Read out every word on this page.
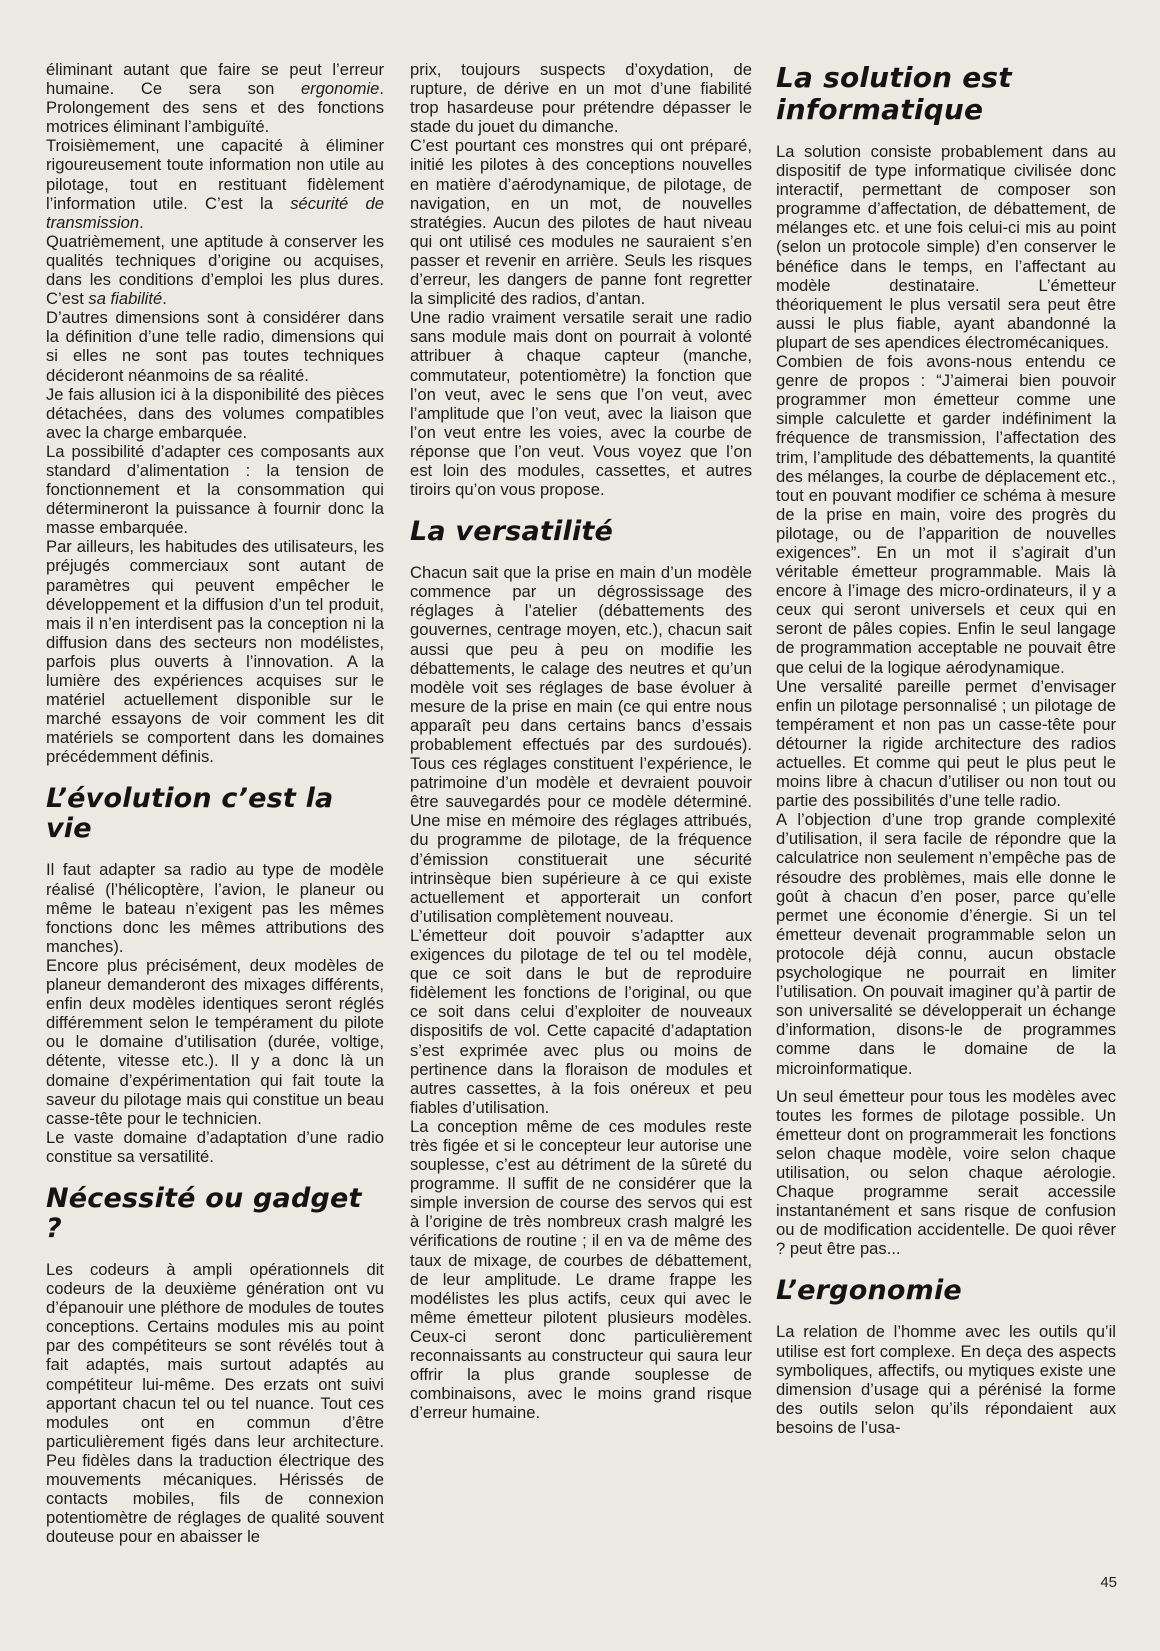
éliminant autant que faire se peut l’erreur humaine. Ce sera son ergonomie. Prolongement des sens et des fonctions motrices éliminant l’ambiguïté.

Troisièmement, une capacité à éliminer rigoureusement toute information non utile au pilotage, tout en restituant fidèlement l’information utile. C’est la sécurité de transmission.

Quatrièmement, une aptitude à conserver les qualités techniques d’origine ou acquises, dans les conditions d’emploi les plus dures. C’est sa fiabilité.

D’autres dimensions sont à considérer dans la définition d’une telle radio, dimensions qui si elles ne sont pas toutes techniques décideront néanmoins de sa réalité.

Je fais allusion ici à la disponibilité des pièces détachées, dans des volumes compatibles avec la charge embarquée.

La possibilité d’adapter ces composants aux standard d’alimentation : la tension de fonctionnement et la consommation qui détermineront la puissance à fournir donc la masse embarquée.

Par ailleurs, les habitudes des utilisateurs, les préjugés commerciaux sont autant de paramètres qui peuvent empêcher le développement et la diffusion d’un tel produit, mais il n’en interdisent pas la conception ni la diffusion dans des secteurs non modélistes, parfois plus ouverts à l’innovation. A la lumière des expériences acquises sur le matériel actuellement disponible sur le marché essayons de voir comment les dit matériels se comportent dans les domaines précédemment définis.

L’évolution c’est la vie

Il faut adapter sa radio au type de modèle réalisé (l’hélicoptère, l’avion, le planeur ou même le bateau n’exigent pas les mêmes fonctions donc les mêmes attributions des manches).

Encore plus précisément, deux modèles de planeur demanderont des mixages différents, enfin deux modèles identiques seront réglés différemment selon le tempérament du pilote ou le domaine d’utilisation (durée, voltige, détente, vitesse etc.). Il y a donc là un domaine d’expérimentation qui fait toute la saveur du pilotage mais qui constitue un beau casse-tête pour le technicien.

Le vaste domaine d’adaptation d’une radio constitue sa versatilité.

Nécessité ou gadget ?

Les codeurs à ampli opérationnels dit codeurs de la deuxième génération ont vu d’épanouir une pléthore de modules de toutes conceptions. Certains modules mis au point par des compétiteurs se sont révélés tout à fait adaptés, mais surtout adaptés au compétiteur lui-même. Des erzats ont suivi apportant chacun tel ou tel nuance. Tout ces modules ont en commun d’être particulièrement figés dans leur architecture. Peu fidèles dans la traduction électrique des mouvements mécaniques. Hérissés de contacts mobiles, fils de connexion potentiomètre de réglages de qualité souvent douteuse pour en abaisser le

prix, toujours suspects d’oxydation, de rupture, de dérive en un mot d’une fiabilité trop hasardeuse pour prétendre dépasser le stade du jouet du dimanche.

C’est pourtant ces monstres qui ont préparé, initié les pilotes à des conceptions nouvelles en matière d’aérodynamique, de pilotage, de navigation, en un mot, de nouvelles stratégies. Aucun des pilotes de haut niveau qui ont utilisé ces modules ne sauraient s’en passer et revenir en arrière. Seuls les risques d’erreur, les dangers de panne font regretter la simplicité des radios, d’antan.

Une radio vraiment versatile serait une radio sans module mais dont on pourrait à volonté attribuer à chaque capteur (manche, commutateur, potentiomètre) la fonction que l’on veut, avec le sens que l’on veut, avec l’amplitude que l’on veut, avec la liaison que l’on veut entre les voies, avec la courbe de réponse que l’on veut. Vous voyez que l’on est loin des modules, cassettes, et autres tiroirs qu’on vous propose.

La versatilité

Chacun sait que la prise en main d’un modèle commence par un dégrossissage des réglages à l’atelier (débattements des gouvernes, centrage moyen, etc.), chacun sait aussi que peu à peu on modifie les débattements, le calage des neutres et qu’un modèle voit ses réglages de base évoluer à mesure de la prise en main (ce qui entre nous apparaît peu dans certains bancs d’essais probablement effectués par des surdoués). Tous ces réglages constituent l’expérience, le patrimoine d’un modèle et devraient pouvoir être sauvegardés pour ce modèle déterminé. Une mise en mémoire des réglages attribués, du programme de pilotage, de la fréquence d’émission constituerait une sécurité intrinsèque bien supérieure à ce qui existe actuellement et apporterait un confort d’utilisation complètement nouveau.

L’émetteur doit pouvoir s’adaptter aux exigences du pilotage de tel ou tel modèle, que ce soit dans le but de reproduire fidèlement les fonctions de l’original, ou que ce soit dans celui d’exploiter de nouveaux dispositifs de vol. Cette capacité d’adaptation s’est exprimée avec plus ou moins de pertinence dans la floraison de modules et autres cassettes, à la fois onéreux et peu fiables d’utilisation.

La conception même de ces modules reste très figée et si le concepteur leur autorise une souplesse, c’est au détriment de la sûreté du programme. Il suffit de ne considérer que la simple inversion de course des servos qui est à l’origine de très nombreux crash malgré les vérifications de routine ; il en va de même des taux de mixage, de courbes de débattement, de leur amplitude. Le drame frappe les modélistes les plus actifs, ceux qui avec le même émetteur pilotent plusieurs modèles. Ceux-ci seront donc particulièrement reconnaissants au constructeur qui saura leur offrir la plus grande souplesse de combinaisons, avec le moins grand risque d’erreur humaine.

La solution est informatique

La solution consiste probablement dans au dispositif de type informatique civilisée donc interactif, permettant de composer son programme d’affectation, de débattement, de mélanges etc. et une fois celui-ci mis au point (selon un protocole simple) d’en conserver le bénéfice dans le temps, en l’affectant au modèle destinataire. L’émetteur théoriquement le plus versatil sera peut être aussi le plus fiable, ayant abandonné la plupart de ses apendices électromécaniques.

Combien de fois avons-nous entendu ce genre de propos : “J’aimerai bien pouvoir programmer mon émetteur comme une simple calculette et garder indéfiniment la fréquence de transmission, l’affectation des trim, l’amplitude des débattements, la quantité des mélanges, la courbe de déplacement etc., tout en pouvant modifier ce schéma à mesure de la prise en main, voire des progrès du pilotage, ou de l’apparition de nouvelles exigences”. En un mot il s’agirait d’un véritable émetteur programmable. Mais là encore à l’image des micro-ordinateurs, il y a ceux qui seront universels et ceux qui en seront de pâles copies. Enfin le seul langage de programmation acceptable ne pouvait être que celui de la logique aérodynamique.

Une versalité pareille permet d’envisager enfin un pilotage personnalisé ; un pilotage de tempérament et non pas un casse-tête pour détourner la rigide architecture des radios actuelles. Et comme qui peut le plus peut le moins libre à chacun d’utiliser ou non tout ou partie des possibilités d’une telle radio.

A l’objection d’une trop grande complexité d’utilisation, il sera facile de répondre que la calculatrice non seulement n’empêche pas de résoudre des problèmes, mais elle donne le goût à chacun d’en poser, parce qu’elle permet une économie d’énergie. Si un tel émetteur devenait programmable selon un protocole déjà connu, aucun obstacle psychologique ne pourrait en limiter l’utilisation. On pouvait imaginer qu’à partir de son universalité se développerait un échange d’information, disons-le de programmes comme dans le domaine de la microinformatique.

Un seul émetteur pour tous les modèles avec toutes les formes de pilotage possible. Un émetteur dont on programmerait les fonctions selon chaque modèle, voire selon chaque utilisation, ou selon chaque aérologie. Chaque programme serait accessile instantanément et sans risque de confusion ou de modification accidentelle. De quoi rêver ? peut être pas...

L’ergonomie

La relation de l’homme avec les outils qu’il utilise est fort complexe. En deça des aspects symboliques, affectifs, ou mytiques existe une dimension d’usage qui a pérénisé la forme des outils selon qu’ils répondaient aux besoins de l’usa-

45
